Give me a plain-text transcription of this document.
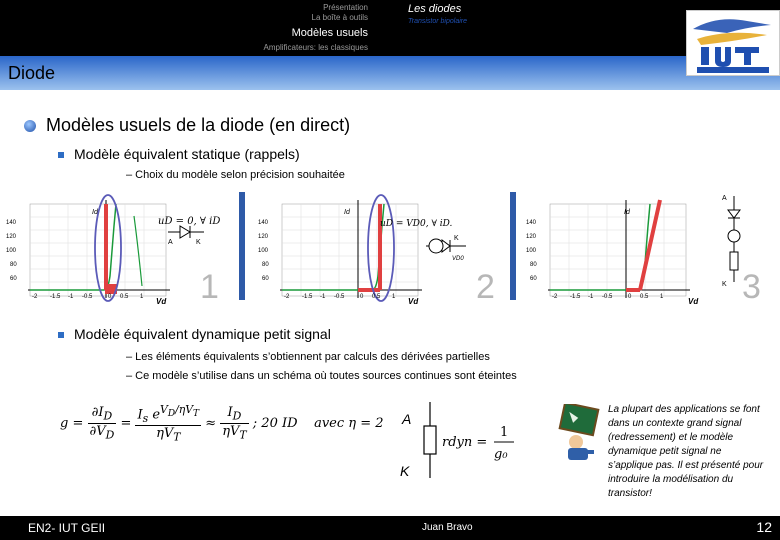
Présentation
La boîte à outils
Modèles usuels
Amplificateurs: les classiques
Les diodes
Transistor bipolaire
Diode
Modèles usuels de la diode (en direct)
Modèle équivalent statique (rappels)
– Choix du modèle selon précision souhaitée
140
120
100
80
60
-2 -1.5 -1 -0.5	0 0.5 1
Id
Vd
uD = 0, ∀ iD
A	K
1
140
120
100
80
60
-2 -1.5 -1 -0.5	0 0.5 1
Id
Vd
uD = VD0, ∀ iD.
K
VD0
2
140
120
100
80
60
-2 -1.5 -1 -0.5	0 0.5 1
Id
Vd
A
K 3
Modèle équivalent dynamique petit signal
– Les éléments équivalents s’obtiennent par calculs des dérivées partielles
– Ce modèle s’utilise dans un schéma où toutes sources continues sont éteintes
$g = \frac{\partial I_D}{\partial V_D} = \frac{I_s e^{V_D/\eta V_T}}{\eta V_T} \approx \frac{I_D}{\eta V_T}$ ; 20 ID avec η = 2 A
K
rdyn =
1
g₀
La plupart des applications se font dans un contexte grand signal (redressement) et le modèle dynamique petit signal ne s’applique pas. Il est présenté pour introduire la modélisation du transistor!
EN2- IUT GEII	Juan Bravo	12
